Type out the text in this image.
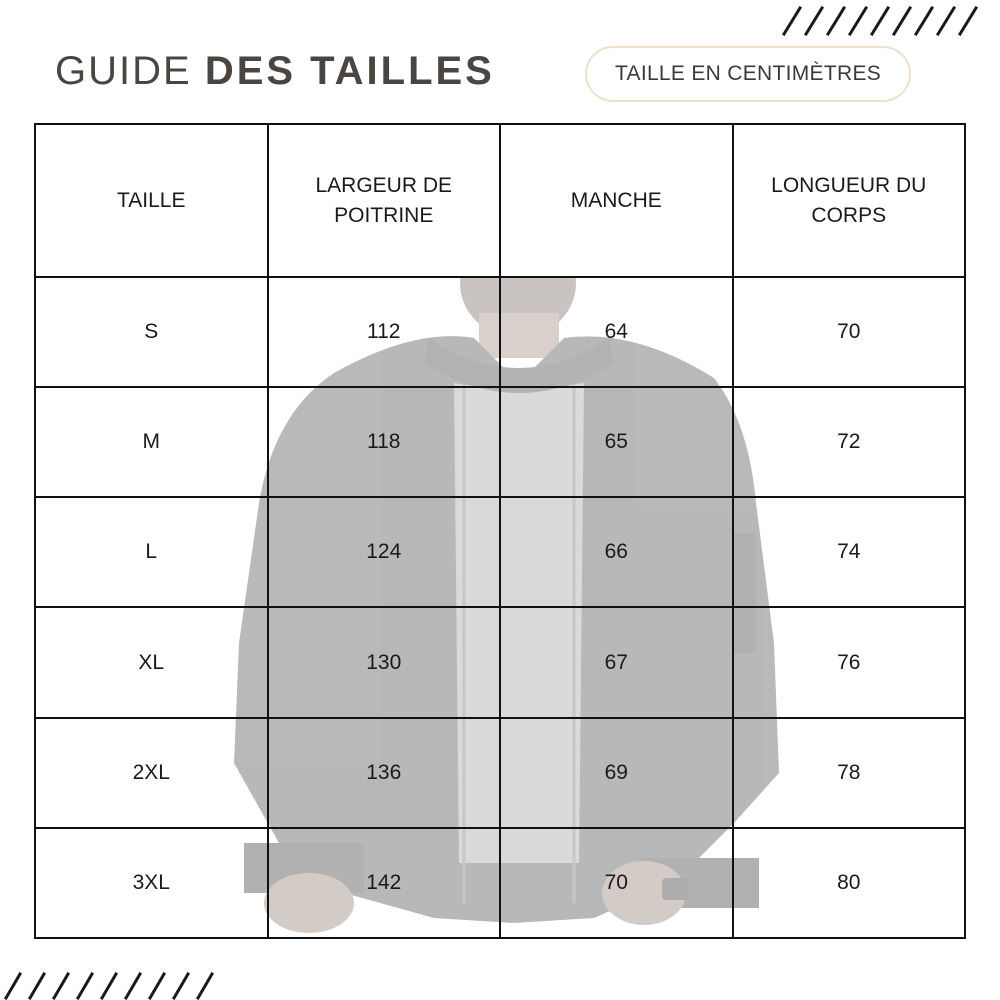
GUIDE DES TAILLES	TAILLE EN CENTIMÈTRES
TAILLE	LARGEUR DE POITRINE	MANCHE	LONGUEUR DU CORPS
S	112	64	70
M	118	65	72
L	124	66	74
XL	130	67	76
2XL	136	69	78
3XL	142	70	80
